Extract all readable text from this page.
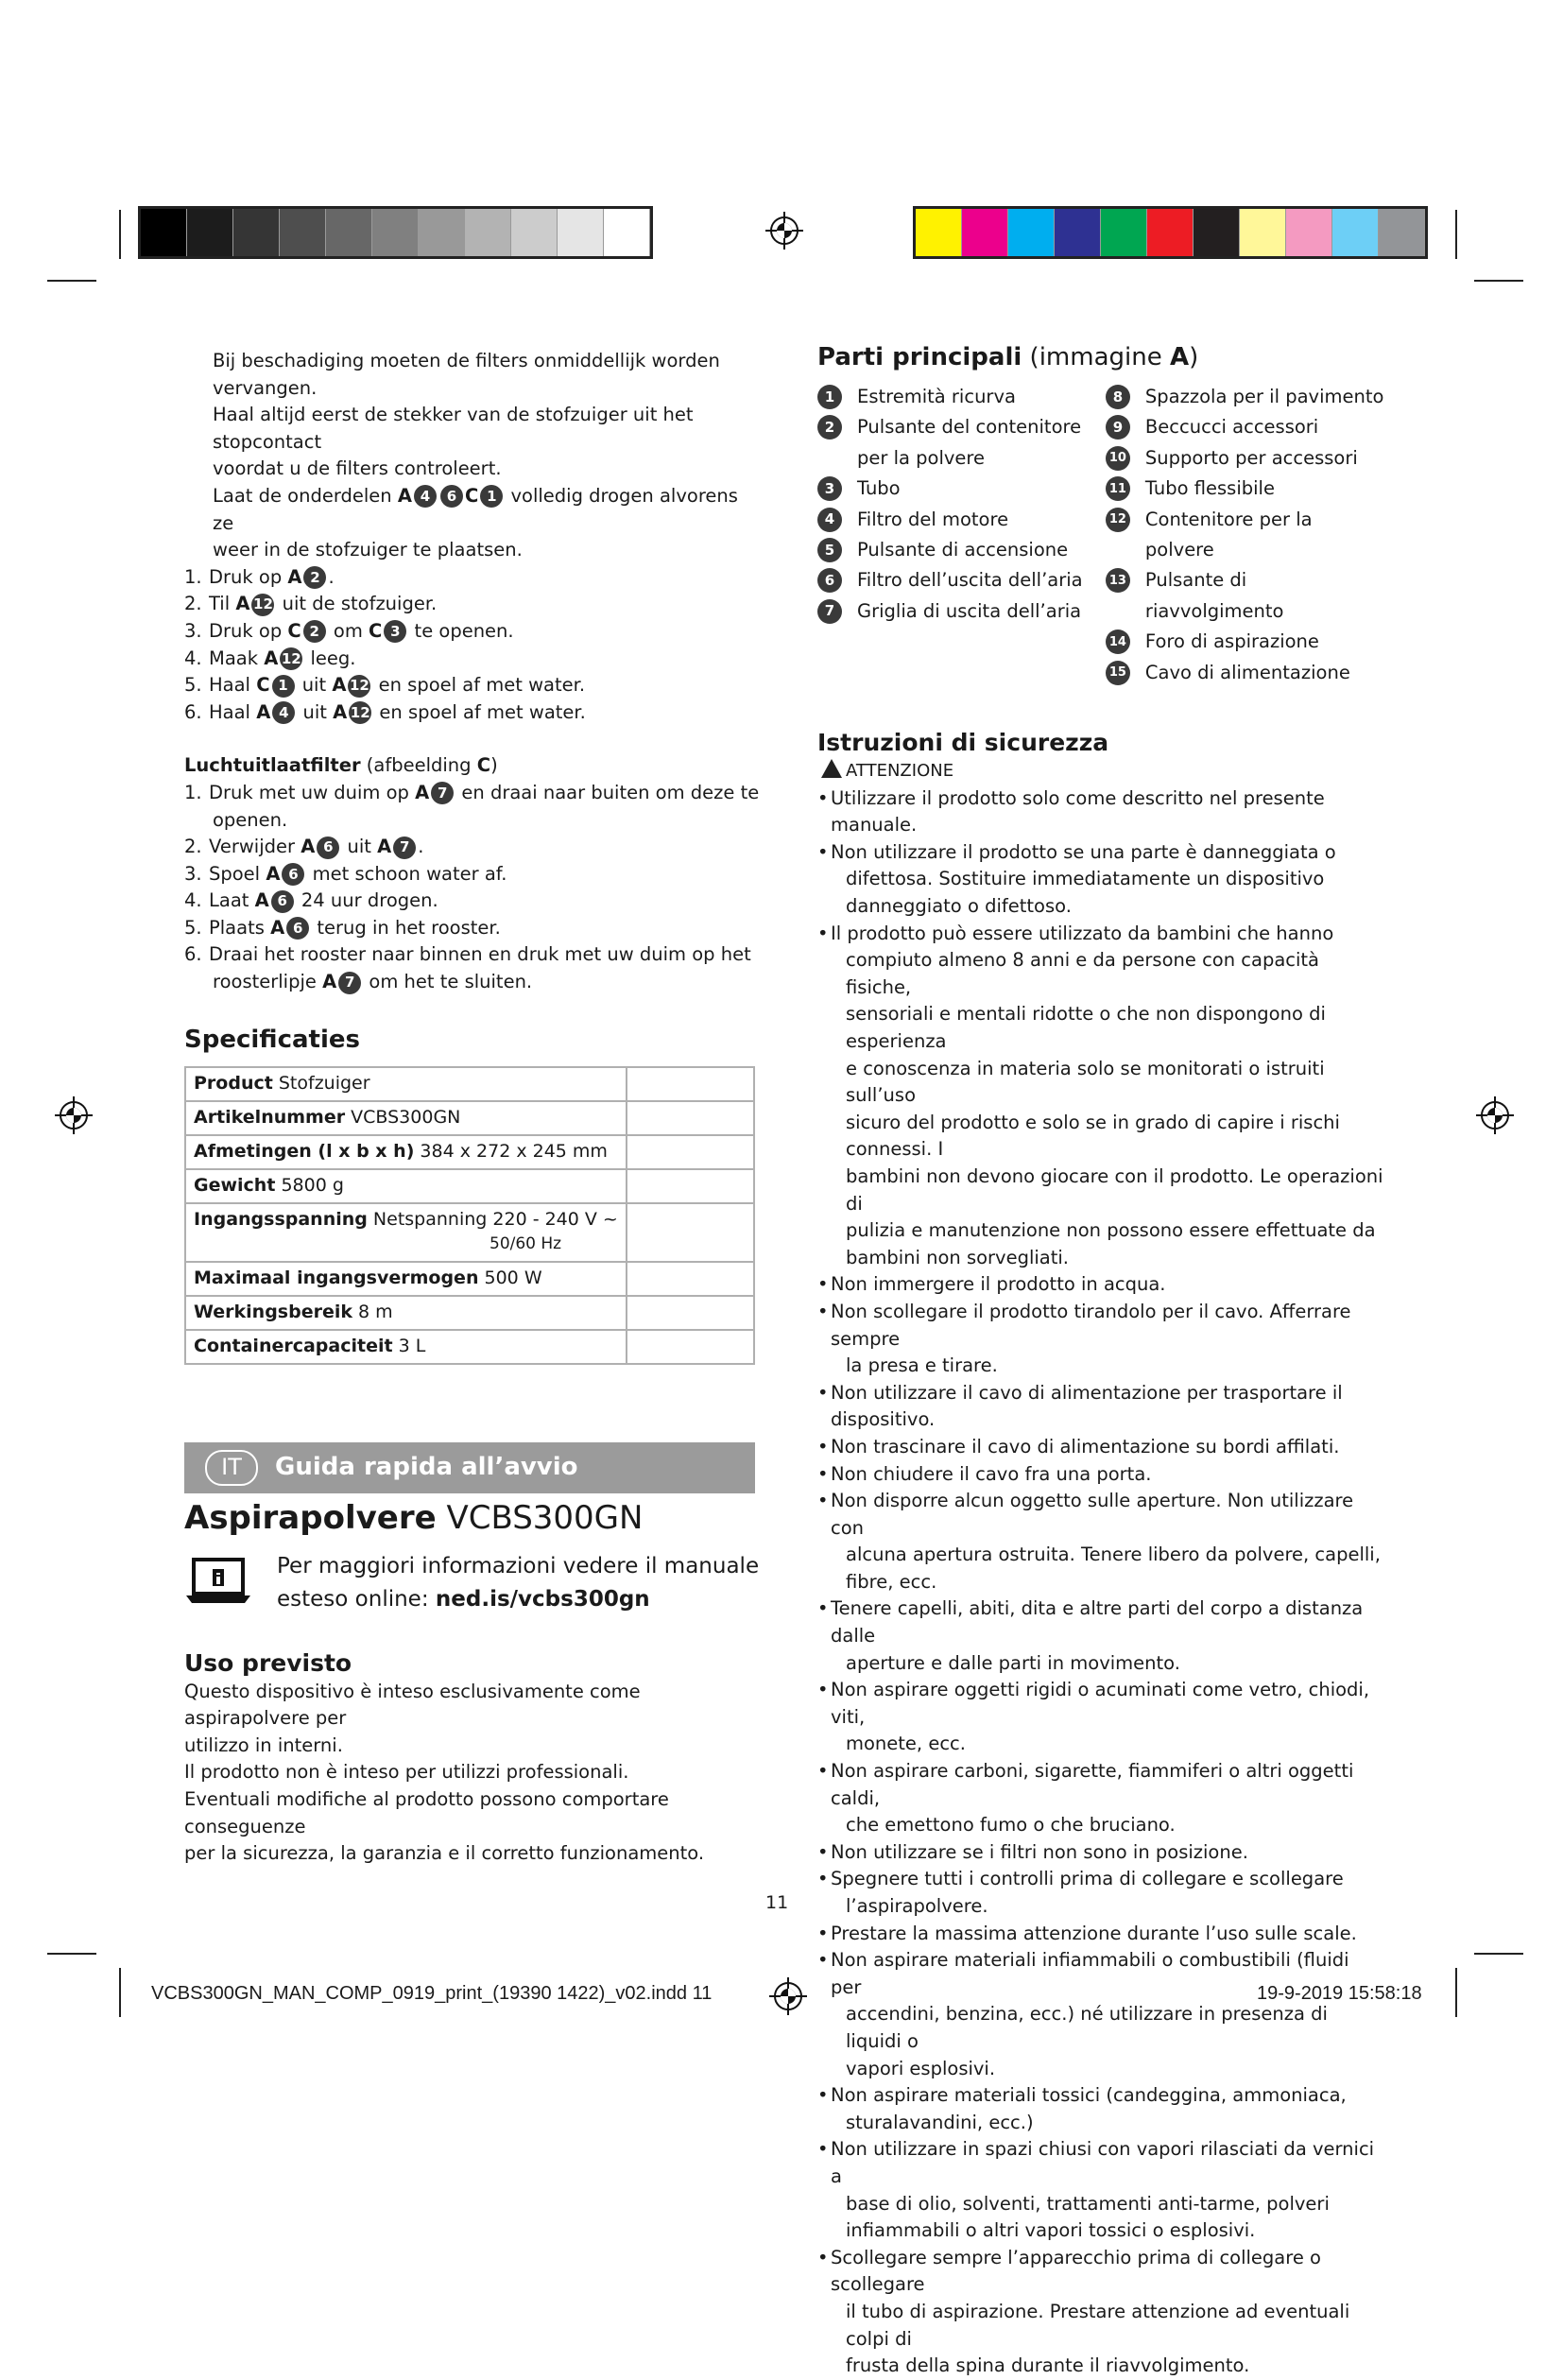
Bij beschadiging moeten de filters onmiddellijk worden
vervangen.
Haal altijd eerst de stekker van de stofzuiger uit het stopcontact
voordat u de filters controleert.
Laat de onderdelen A 4 6 C 1 volledig drogen alvorens ze
weer in de stofzuiger te plaatsen.
1. Druk op A 2 .
2. Til A 12 uit de stofzuiger.
3. Druk op C 2 om C 3 te openen.
4. Maak A 12 leeg.
5. Haal C 1 uit A 12 en spoel af met water.
6. Haal A 4 uit A 12 en spoel af met water.
Luchtuitlaatfilter (afbeelding C)
1. Druk met uw duim op A 7 en draai naar buiten om deze te
openen.
2. Verwijder A 6 uit A 7 .
3. Spoel A 6 met schoon water af.
4. Laat A 6 24 uur drogen.
5. Plaats A 6 terug in het rooster.
6. Draai het rooster naar binnen en druk met uw duim op het
roosterlipje A 7 om het te sluiten.
Specificaties
Product Stofzuiger	

Artikelnummer VCBS300GN	

Afmetingen (l x b x h) 384 x 272 x 245 mm	

Gewicht 5800 g	

Ingangsspanning Netspanning 220 - 240 V ~
50/60 Hz	

Maximaal ingangsvermogen 500 W	

Werkingsbereik 8 m	

Containercapaciteit 3 L	

IT	Guida rapida all’avvio
Aspirapolvere VCBS300GN
Per maggiori informazioni vedere il manuale
esteso online: ned.is/vcbs300gn
Uso previsto
Questo dispositivo è inteso esclusivamente come aspirapolvere per
utilizzo in interni.
Il prodotto non è inteso per utilizzi professionali.
Eventuali modifiche al prodotto possono comportare conseguenze
per la sicurezza, la garanzia e il corretto funzionamento.
Parti principali (immagine A)
1	Estremità ricurva
2	Pulsante del contenitore
per la polvere
3	Tubo
4	Filtro del motore
5	Pulsante di accensione
6	Filtro dell’uscita dell’aria
7	Griglia di uscita dell’aria
8	Spazzola per il pavimento
9	Beccucci accessori
10 Supporto per accessori
11 Tubo flessibile
12 Contenitore per la polvere
13 Pulsante di riavvolgimento
14 Foro di aspirazione
15 Cavo di alimentazione
Istruzioni di sicurezza
ATTENZIONE
• Utilizzare il prodotto solo come descritto nel presente manuale.
• Non utilizzare il prodotto se una parte è danneggiata o
difettosa. Sostituire immediatamente un dispositivo
danneggiato o difettoso.
• Il prodotto può essere utilizzato da bambini che hanno
compiuto almeno 8 anni e da persone con capacità fisiche,
sensoriali e mentali ridotte o che non dispongono di esperienza
e conoscenza in materia solo se monitorati o istruiti sull’uso
sicuro del prodotto e solo se in grado di capire i rischi connessi. I
bambini non devono giocare con il prodotto. Le operazioni di
pulizia e manutenzione non possono essere effettuate da
bambini non sorvegliati.
• Non immergere il prodotto in acqua.
• Non scollegare il prodotto tirandolo per il cavo. Afferrare sempre
la presa e tirare.
• Non utilizzare il cavo di alimentazione per trasportare il dispositivo.
• Non trascinare il cavo di alimentazione su bordi affilati.
• Non chiudere il cavo fra una porta.
• Non disporre alcun oggetto sulle aperture. Non utilizzare con
alcuna apertura ostruita. Tenere libero da polvere, capelli, fibre, ecc.
• Tenere capelli, abiti, dita e altre parti del corpo a distanza dalle
aperture e dalle parti in movimento.
• Non aspirare oggetti rigidi o acuminati come vetro, chiodi, viti,
monete, ecc.
• Non aspirare carboni, sigarette, fiammiferi o altri oggetti caldi,
che emettono fumo o che bruciano.
• Non utilizzare se i filtri non sono in posizione.
• Spegnere tutti i controlli prima di collegare e scollegare
l’aspirapolvere.
• Prestare la massima attenzione durante l’uso sulle scale.
• Non aspirare materiali infiammabili o combustibili (fluidi per
accendini, benzina, ecc.) né utilizzare in presenza di liquidi o
vapori esplosivi.
• Non aspirare materiali tossici (candeggina, ammoniaca,
sturalavandini, ecc.)
• Non utilizzare in spazi chiusi con vapori rilasciati da vernici a
base di olio, solventi, trattamenti anti-tarme, polveri
infiammabili o altri vapori tossici o esplosivi.
• Scollegare sempre l’apparecchio prima di collegare o scollegare
il tubo di aspirazione. Prestare attenzione ad eventuali colpi di
frusta della spina durante il riavvolgimento.
11
VCBS300GN_MAN_COMP_0919_print_(19390 1422)_v02.indd 11	19-9-2019 15:58:18
